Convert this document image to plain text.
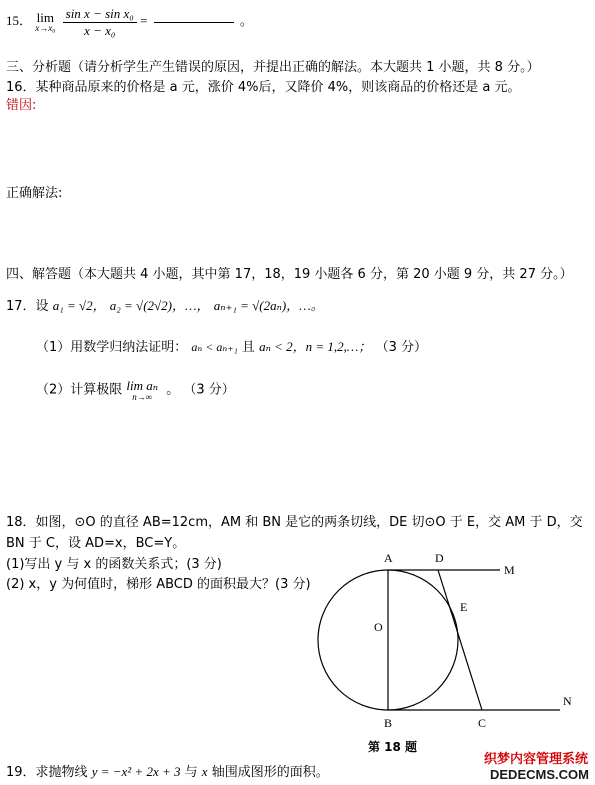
15． lim
x→x₀
$\frac{\text{sin x − sin x₀}}{\text{x − x₀}}$ =	。
三、分析题（请分析学生产生错误的原因，并提出正确的解法。本大题共 1 小题，共 8 分。）
16．某种商品原来的价格是 a 元，涨价 4%后，又降价 4%，则该商品的价格还是 a 元。
错因:
正确解法:
四、解答题（本大题共 4 小题，其中第 17，18，19 小题各 6 分，第 20 小题 9 分，共 27 分。）
17．设 a₁ = √2， a₂ = √(2√2)，…， aₙ₊₁ = √(2aₙ)，…。
（1）用数学归纳法证明： aₙ < aₙ₊₁ 且 aₙ < 2，n = 1,2,…； （3 分）
（2）计算极限 lim aₙ
n→∞	。 （3 分）
18．如图，⊙O 的直径 AB=12cm，AM 和 BN 是它的两条切线，DE 切⊙O 于 E，交 AM 于 D，交
BN 于 C，设 AD=x，BC=Y。
(1)写出 y 与 x 的函数关系式；(3 分)
(2) x，y 为何值时，梯形 ABCD 的面积最大？(3 分)
A	D
M
E
O
B	C
N
第 18 题
19．求抛物线 y = −x² + 2x + 3 与 x 轴围成图形的面积。
织梦内容管理系统
DEDECMS.COM
